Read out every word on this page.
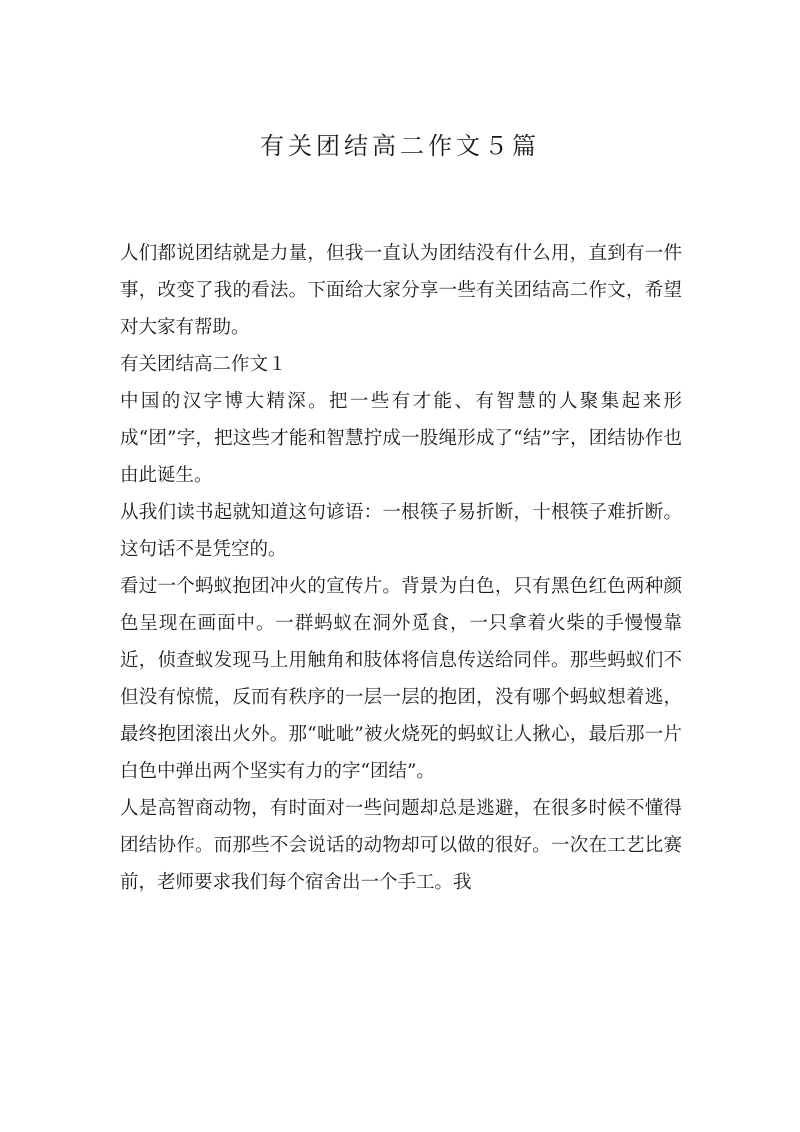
有关团结高二作文５篇

人们都说团结就是力量，但我一直认为团结没有什么用，直到有一件事，改变了我的看法。下面给大家分享一些有关团结高二作文，希望对大家有帮助。

有关团结高二作文１

中国的汉字博大精深。把一些有才能、有智慧的人聚集起来形成“团”字，把这些才能和智慧拧成一股绳形成了“结”字，团结协作也由此诞生。

从我们读书起就知道这句谚语：一根筷子易折断，十根筷子难折断。这句话不是凭空的。

看过一个蚂蚁抱团冲火的宣传片。背景为白色，只有黑色红色两种颜色呈现在画面中。一群蚂蚁在洞外觅食，一只拿着火柴的手慢慢靠近，侦查蚁发现马上用触角和肢体将信息传送给同伴。那些蚂蚁们不但没有惊慌，反而有秩序的一层一层的抱团，没有哪个蚂蚁想着逃，最终抱团滚出火外。那“呲呲”被火烧死的蚂蚁让人揪心，最后那一片白色中弹出两个坚实有力的字“团结”。

人是高智商动物，有时面对一些问题却总是逃避，在很多时候不懂得团结协作。而那些不会说话的动物却可以做的很好。一次在工艺比赛前，老师要求我们每个宿舍出一个手工。我
